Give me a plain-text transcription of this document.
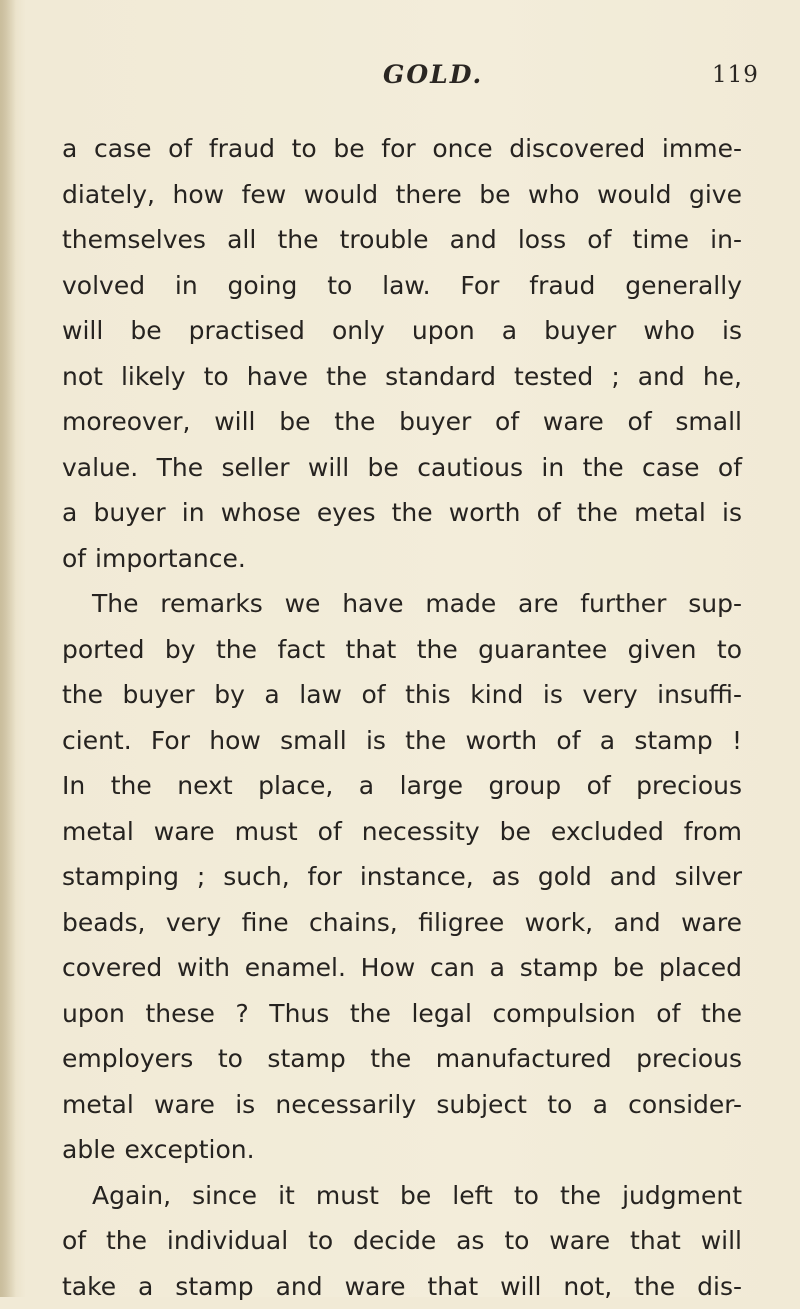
GOLD.	119
a case of fraud to be for once discovered imme-
diately, how few would there be who would give
themselves all the trouble and loss of time in-
volved in going to law. For fraud generally
will be practised only upon a buyer who is
not likely to have the standard tested ; and he,
moreover, will be the buyer of ware of small
value. The seller will be cautious in the case of
a buyer in whose eyes the worth of the metal is
of importance.
The remarks we have made are further sup-
ported by the fact that the guarantee given to
the buyer by a law of this kind is very insuffi-
cient. For how small is the worth of a stamp !
In the next place, a large group of precious
metal ware must of necessity be excluded from
stamping ; such, for instance, as gold and silver
beads, very fine chains, filigree work, and ware
covered with enamel. How can a stamp be placed
upon these ? Thus the legal compulsion of the
employers to stamp the manufactured precious
metal ware is necessarily subject to a consider-
able exception.
Again, since it must be left to the judgment
of the individual to decide as to ware that will
take a stamp and ware that will not, the dis-
